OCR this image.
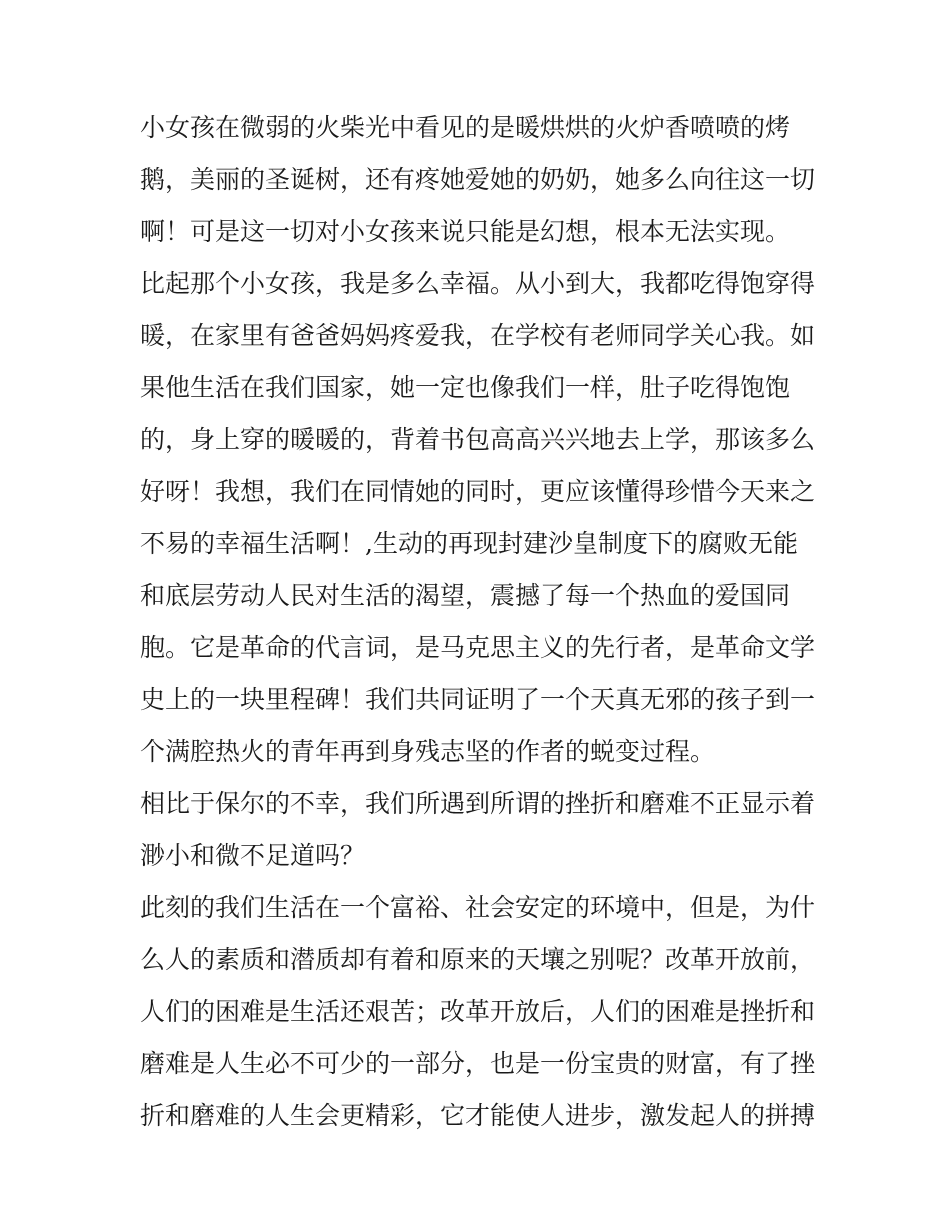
小女孩在微弱的火柴光中看见的是暖烘烘的火炉香喷喷的烤
鹅，美丽的圣诞树，还有疼她爱她的奶奶，她多么向往这一切
啊！可是这一切对小女孩来说只能是幻想，根本无法实现。
比起那个小女孩，我是多么幸福。从小到大，我都吃得饱穿得
暖，在家里有爸爸妈妈疼爱我，在学校有老师同学关心我。如
果他生活在我们国家，她一定也像我们一样，肚子吃得饱饱
的，身上穿的暖暖的，背着书包高高兴兴地去上学，那该多么
好呀！我想，我们在同情她的同时，更应该懂得珍惜今天来之
不易的幸福生活啊！,生动的再现封建沙皇制度下的腐败无能
和底层劳动人民对生活的渴望，震撼了每一个热血的爱国同
胞。它是革命的代言词，是马克思主义的先行者，是革命文学
史上的一块里程碑！我们共同证明了一个天真无邪的孩子到一
个满腔热火的青年再到身残志坚的作者的蜕变过程。
相比于保尔的不幸，我们所遇到所谓的挫折和磨难不正显示着
渺小和微不足道吗？
此刻的我们生活在一个富裕、社会安定的环境中，但是，为什
么人的素质和潜质却有着和原来的天壤之别呢？改革开放前，
人们的困难是生活还艰苦；改革开放后，人们的困难是挫折和
磨难是人生必不可少的一部分，也是一份宝贵的财富，有了挫
折和磨难的人生会更精彩，它才能使人进步，激发起人的拼搏
